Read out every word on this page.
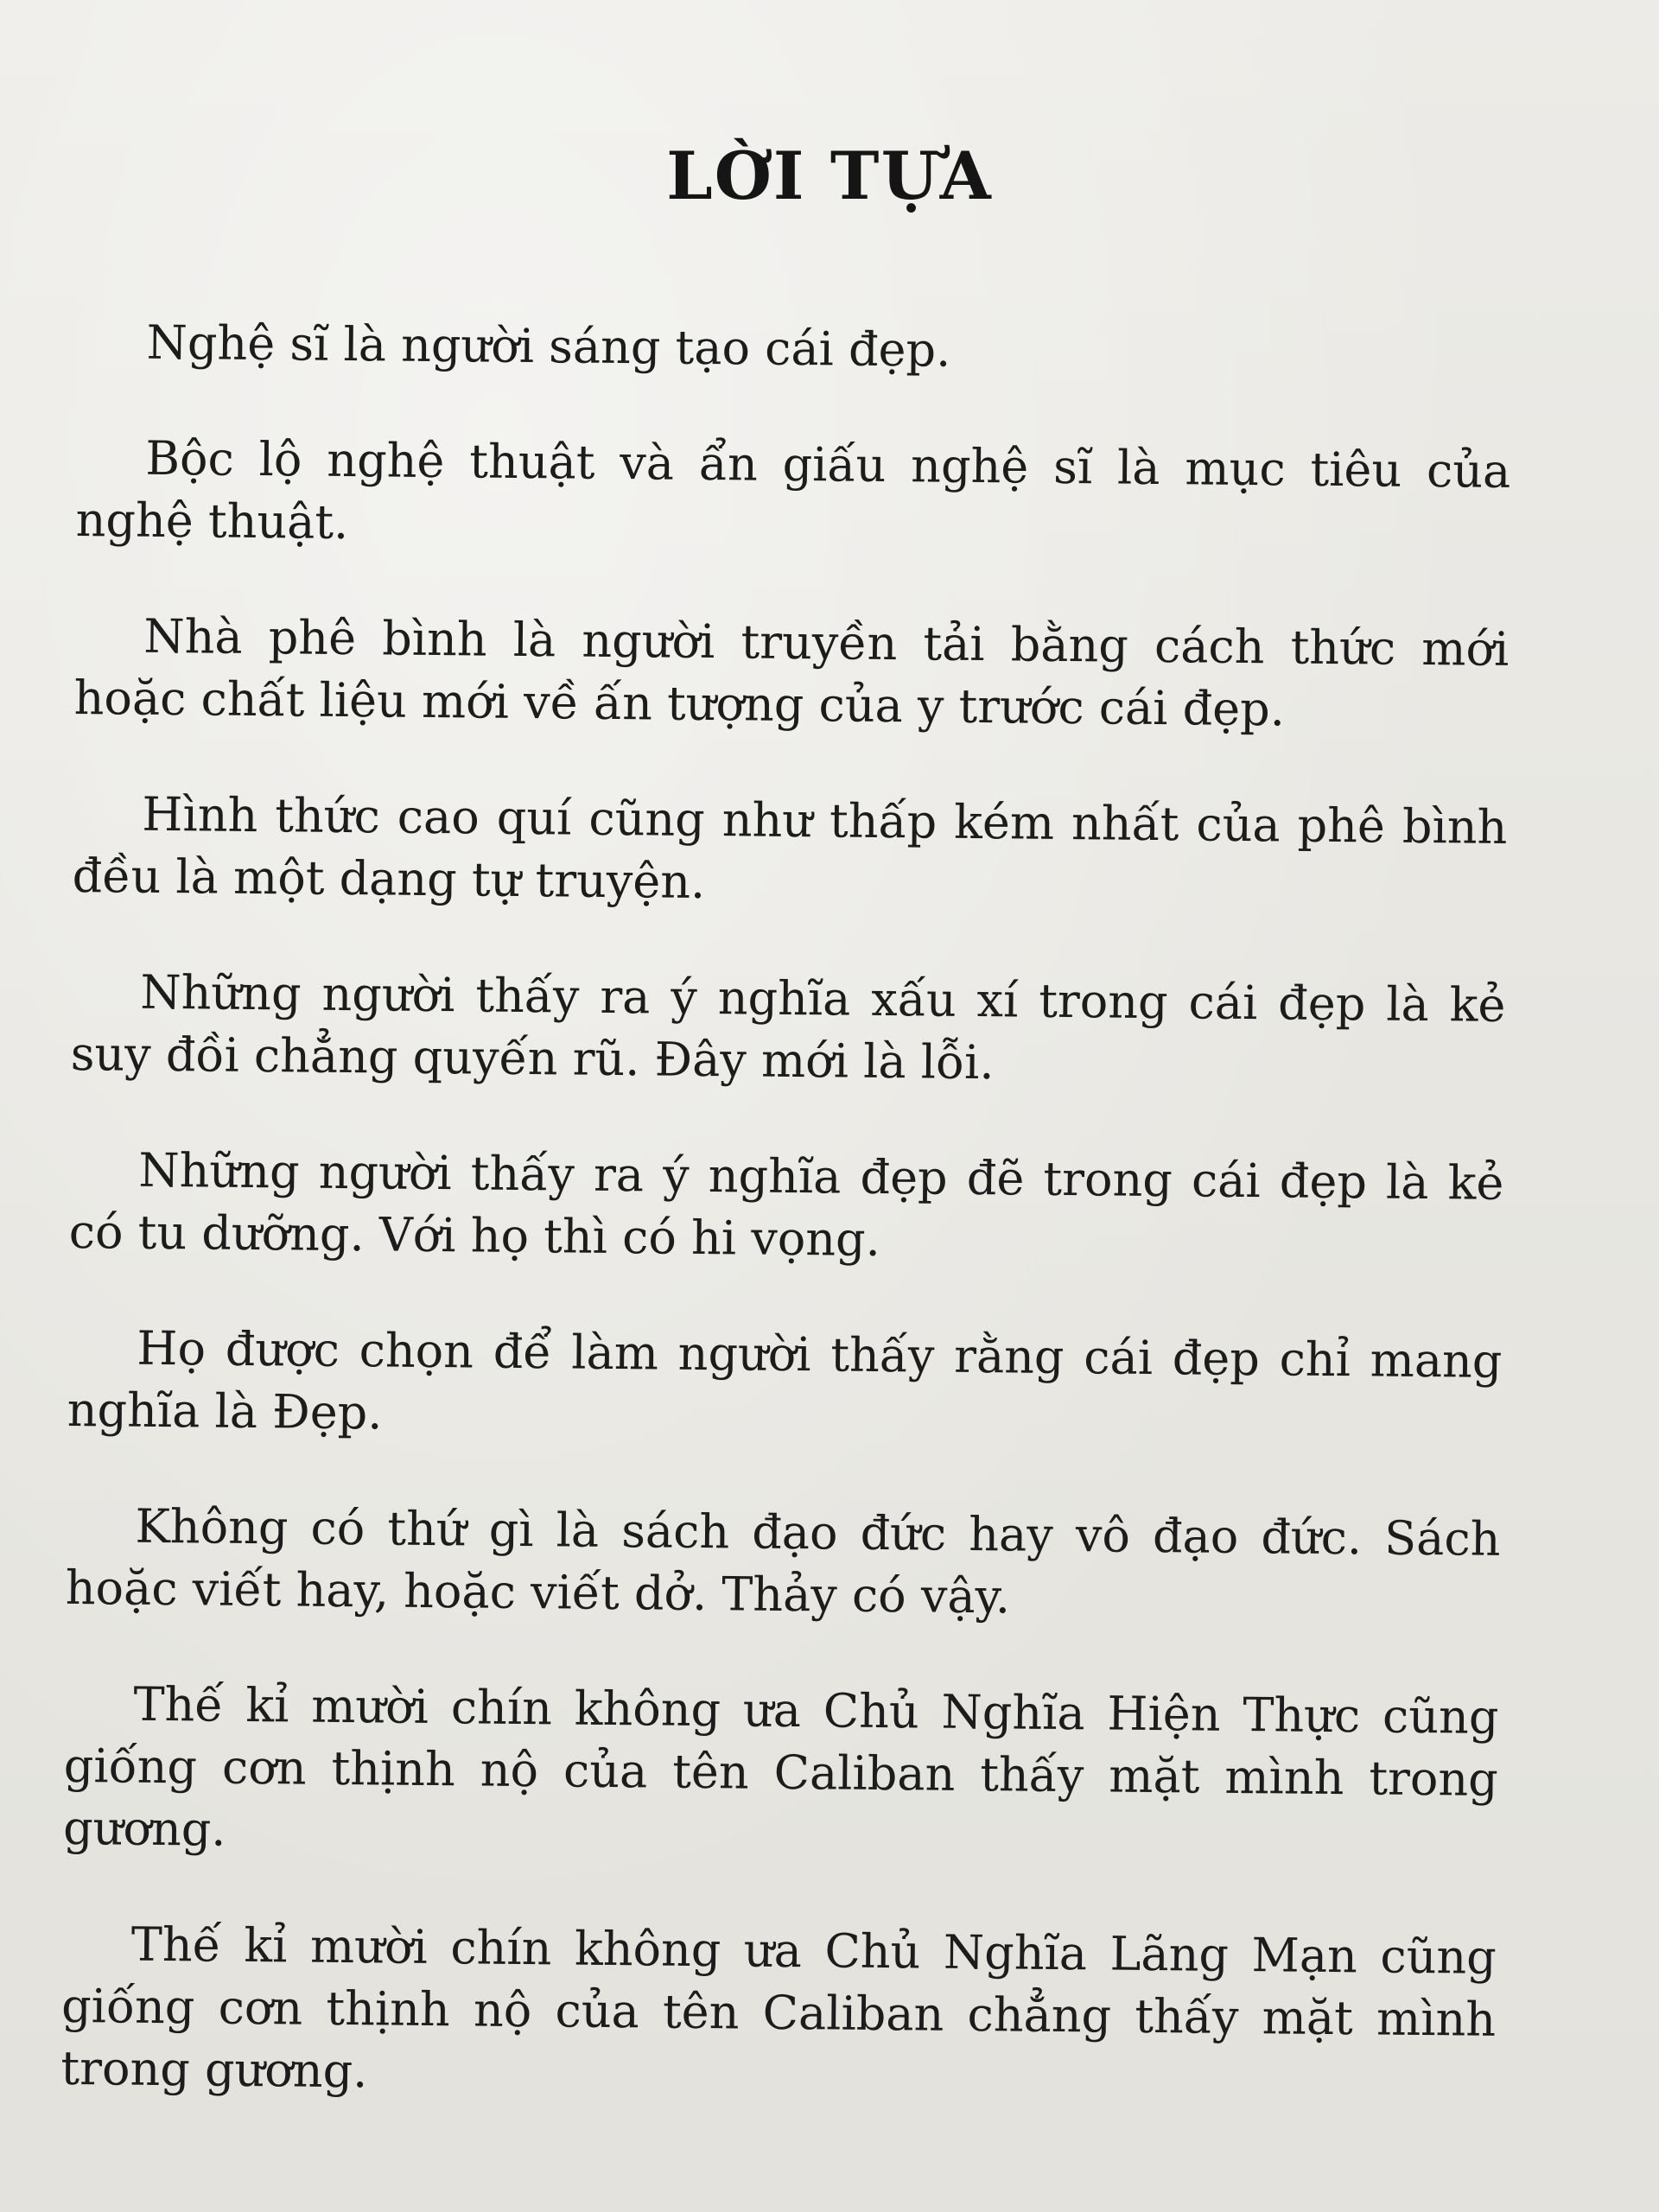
LỜI TỰA

Nghệ sĩ là người sáng tạo cái đẹp.

Bộc lộ nghệ thuật và ẩn giấu nghệ sĩ là mục tiêu của nghệ thuật.

Nhà phê bình là người truyền tải bằng cách thức mới hoặc chất liệu mới về ấn tượng của y trước cái đẹp.

Hình thức cao quí cũng như thấp kém nhất của phê bình đều là một dạng tự truyện.

Những người thấy ra ý nghĩa xấu xí trong cái đẹp là kẻ suy đồi chẳng quyến rũ. Đây mới là lỗi.

Những người thấy ra ý nghĩa đẹp đẽ trong cái đẹp là kẻ có tu dưỡng. Với họ thì có hi vọng.

Họ được chọn để làm người thấy rằng cái đẹp chỉ mang nghĩa là Đẹp.

Không có thứ gì là sách đạo đức hay vô đạo đức. Sách hoặc viết hay, hoặc viết dở. Thảy có vậy.

Thế kỉ mười chín không ưa Chủ Nghĩa Hiện Thực cũng giống cơn thịnh nộ của tên Caliban thấy mặt mình trong gương.

Thế kỉ mười chín không ưa Chủ Nghĩa Lãng Mạn cũng giống cơn thịnh nộ của tên Caliban chẳng thấy mặt mình trong gương.
